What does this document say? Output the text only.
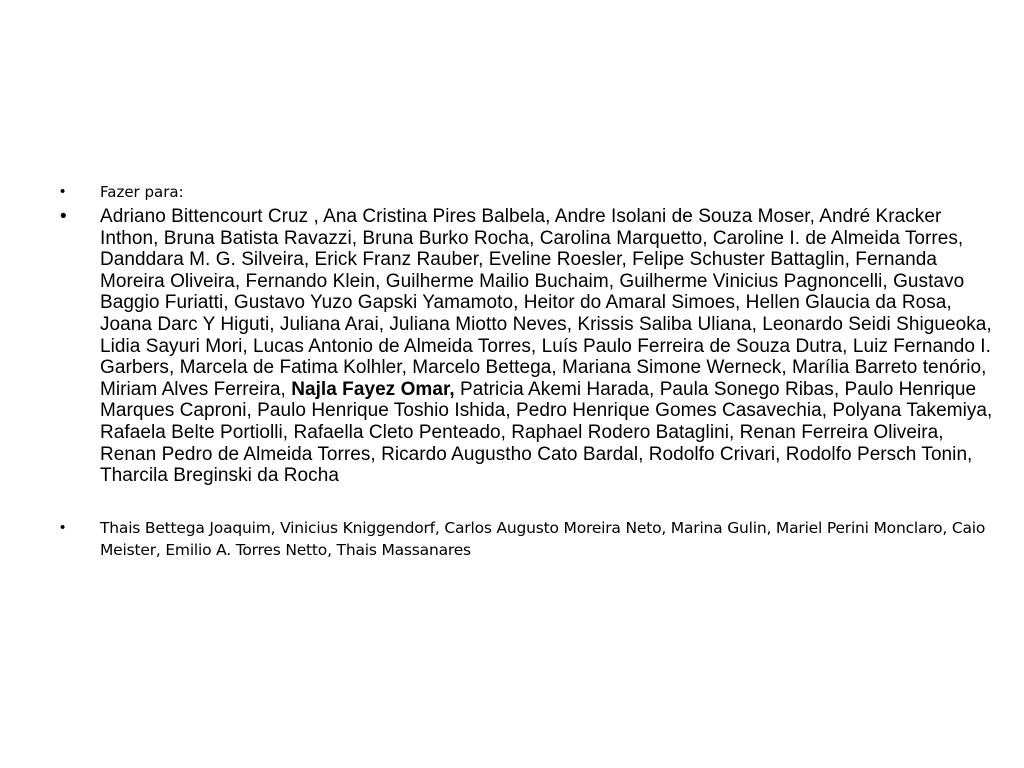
• Fazer para:
• Adriano Bittencourt Cruz , Ana Cristina Pires Balbela, Andre Isolani de Souza Moser, André Kracker Inthon, Bruna Batista Ravazzi, Bruna Burko Rocha, Carolina Marquetto, Caroline I. de Almeida Torres, Danddara M. G. Silveira, Erick Franz Rauber, Eveline Roesler, Felipe Schuster Battaglin, Fernanda Moreira Oliveira, Fernando Klein, Guilherme Mailio Buchaim, Guilherme Vinicius Pagnoncelli, Gustavo Baggio Furiatti, Gustavo Yuzo Gapski Yamamoto, Heitor do Amaral Simoes, Hellen Glaucia da Rosa, Joana Darc Y Higuti, Juliana Arai, Juliana Miotto Neves, Krissis Saliba Uliana, Leonardo Seidi Shigueoka, Lidia Sayuri Mori, Lucas Antonio de Almeida Torres, Luís Paulo Ferreira de Souza Dutra, Luiz Fernando I. Garbers, Marcela de Fatima Kolhler, Marcelo Bettega, Mariana Simone Werneck, Marília Barreto tenório, Miriam Alves Ferreira, Najla Fayez Omar, Patricia Akemi Harada, Paula Sonego Ribas, Paulo Henrique Marques Caproni, Paulo Henrique Toshio Ishida, Pedro Henrique Gomes Casavechia, Polyana Takemiya, Rafaela Belte Portiolli, Rafaella Cleto Penteado, Raphael Rodero Bataglini, Renan Ferreira Oliveira, Renan Pedro de Almeida Torres, Ricardo Augustho Cato Bardal, Rodolfo Crivari, Rodolfo Persch Tonin, Tharcila Breginski da Rocha
• Thais Bettega Joaquim, Vinicius Kniggendorf, Carlos Augusto Moreira Neto, Marina Gulin, Mariel Perini Monclaro, Caio Meister, Emilio A. Torres Netto, Thais Massanares
